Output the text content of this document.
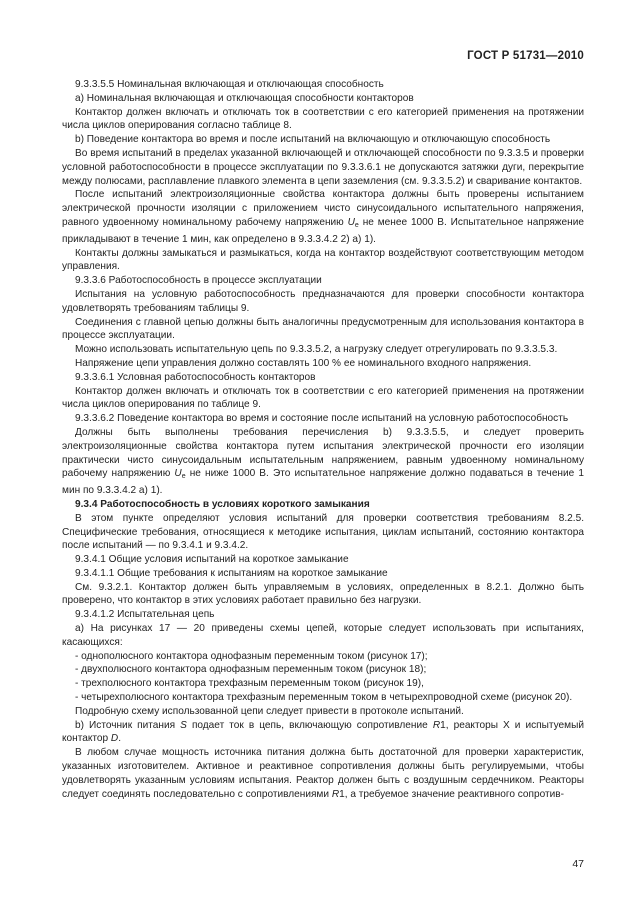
ГОСТ Р 51731—2010

9.3.3.5.5 Номинальная включающая и отключающая способность

а) Номинальная включающая и отключающая способности контакторов

Контактор должен включать и отключать ток в соответствии с его категорией применения на протяжении числа циклов оперирования согласно таблице 8.

b) Поведение контактора во время и после испытаний на включающую и отключающую способность

Во время испытаний в пределах указанной включающей и отключающей способности по 9.3.3.5 и проверки условной работоспособности в процессе эксплуатации по 9.3.3.6.1 не допускаются затяжки дуги, перекрытие между полюсами, расплавление плавкого элемента в цепи заземления (см. 9.3.3.5.2) и сваривание контактов.

После испытаний электроизоляционные свойства контактора должны быть проверены испытанием электрической прочности изоляции с приложением чисто синусоидального испытательного напряжения, равного удвоенному номинальному рабочему напряжению $U_e$ не менее 1000 В. Испытательное напряжение прикладывают в течение 1 мин, как определено в 9.3.3.4.2 2) а) 1).

Контакты должны замыкаться и размыкаться, когда на контактор воздействуют соответствующим методом управления.

9.3.3.6 Работоспособность в процессе эксплуатации

Испытания на условную работоспособность предназначаются для проверки способности контактора удовлетворять требованиям таблицы 9.

Соединения с главной цепью должны быть аналогичны предусмотренным для использования контактора в процессе эксплуатации.

Можно использовать испытательную цепь по 9.3.3.5.2, а нагрузку следует отрегулировать по 9.3.3.5.3.

Напряжение цепи управления должно составлять 100 % ее номинального входного напряжения.

9.3.3.6.1 Условная работоспособность контакторов

Контактор должен включать и отключать ток в соответствии с его категорией применения на протяжении числа циклов оперирования по таблице 9.

9.3.3.6.2 Поведение контактора во время и состояние после испытаний на условную работоспособность

Должны быть выполнены требования перечисления b) 9.3.3.5.5, и следует проверить электроизоляционные свойства контактора путем испытания электрической прочности его изоляции практически чисто синусоидальным испытательным напряжением, равным удвоенному номинальному рабочему напряжению $U_e$ не ниже 1000 В. Это испытательное напряжение должно подаваться в течение 1 мин по 9.3.3.4.2 а) 1).

9.3.4 Работоспособность в условиях короткого замыкания

В этом пункте определяют условия испытаний для проверки соответствия требованиям 8.2.5. Специфические требования, относящиеся к методике испытания, циклам испытаний, состоянию контактора после испытаний — по 9.3.4.1 и 9.3.4.2.

9.3.4.1 Общие условия испытаний на короткое замыкание

9.3.4.1.1 Общие требования к испытаниям на короткое замыкание

См. 9.3.2.1. Контактор должен быть управляемым в условиях, определенных в 8.2.1. Должно быть проверено, что контактор в этих условиях работает правильно без нагрузки.

9.3.4.1.2 Испытательная цепь

а) На рисунках 17 — 20 приведены схемы цепей, которые следует использовать при испытаниях, касающихся:

- однополюсного контактора однофазным переменным током (рисунок 17);

- двухполюсного контактора однофазным переменным током (рисунок 18);

- трехполюсного контактора трехфазным переменным током (рисунок 19),

- четырехполюсного контактора трехфазным переменным током в четырехпроводной схеме (рисунок 20).

Подробную схему использованной цепи следует привести в протоколе испытаний.

b) Источник питания S подает ток в цепь, включающую сопротивление R1, реакторы X и испытуемый контактор D.

В любом случае мощность источника питания должна быть достаточной для проверки характеристик, указанных изготовителем. Активное и реактивное сопротивления должны быть регулируемыми, чтобы удовлетворять указанным условиям испытания. Реактор должен быть с воздушным сердечником. Реакторы следует соединять последовательно с сопротивлениями R1, а требуемое значение реактивного сопротив-

47
